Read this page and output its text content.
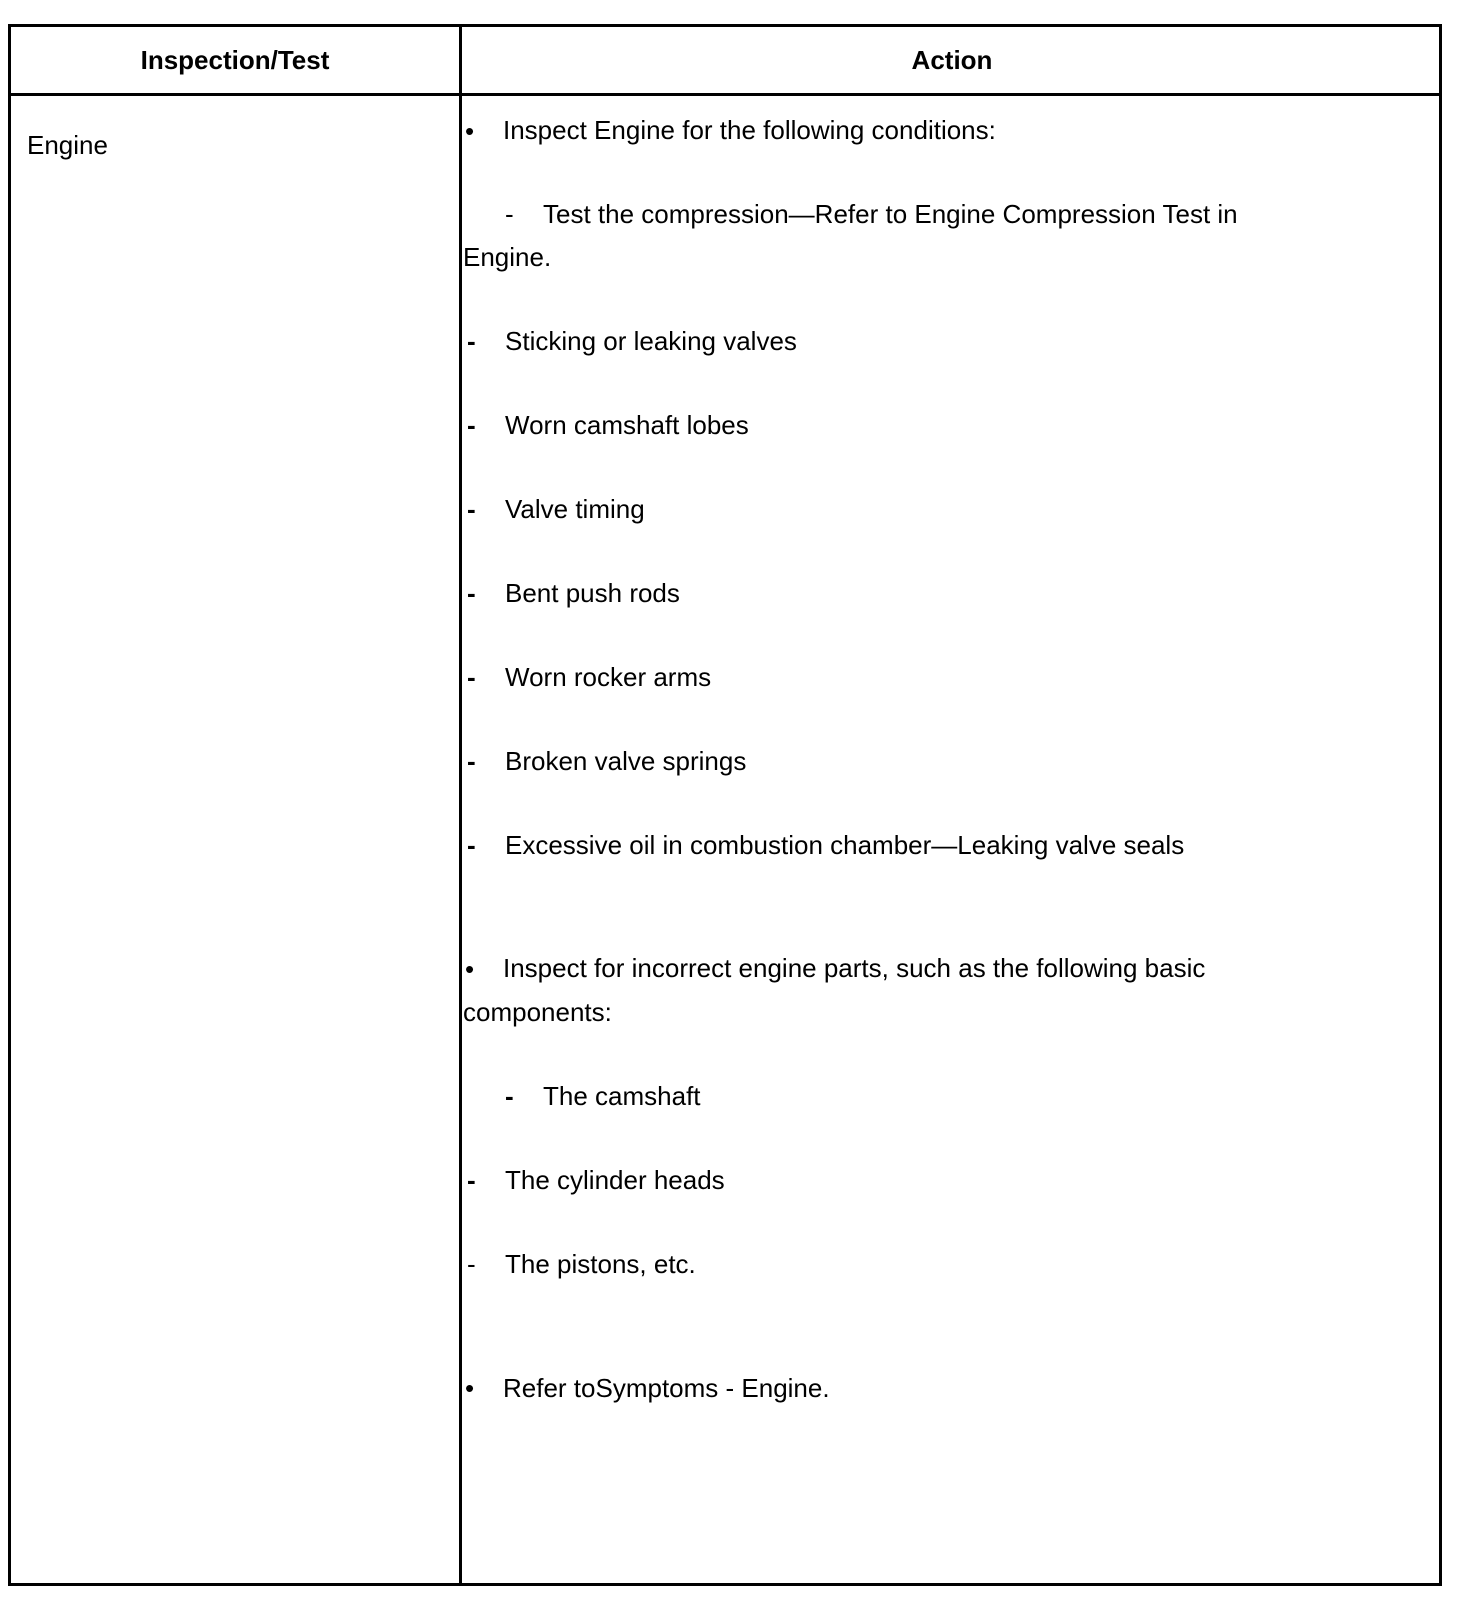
Inspection/Test	Action
Engine	• Inspect Engine for the following conditions:
- Test the compression—Refer to Engine Compression Test in
Engine.
- Sticking or leaking valves
- Worn camshaft lobes
- Valve timing
- Bent push rods
- Worn rocker arms
- Broken valve springs
- Excessive oil in combustion chamber—Leaking valve seals
• Inspect for incorrect engine parts, such as the following basic
components:
- The camshaft
- The cylinder heads
- The pistons, etc.
• Refer toSymptoms - Engine.
